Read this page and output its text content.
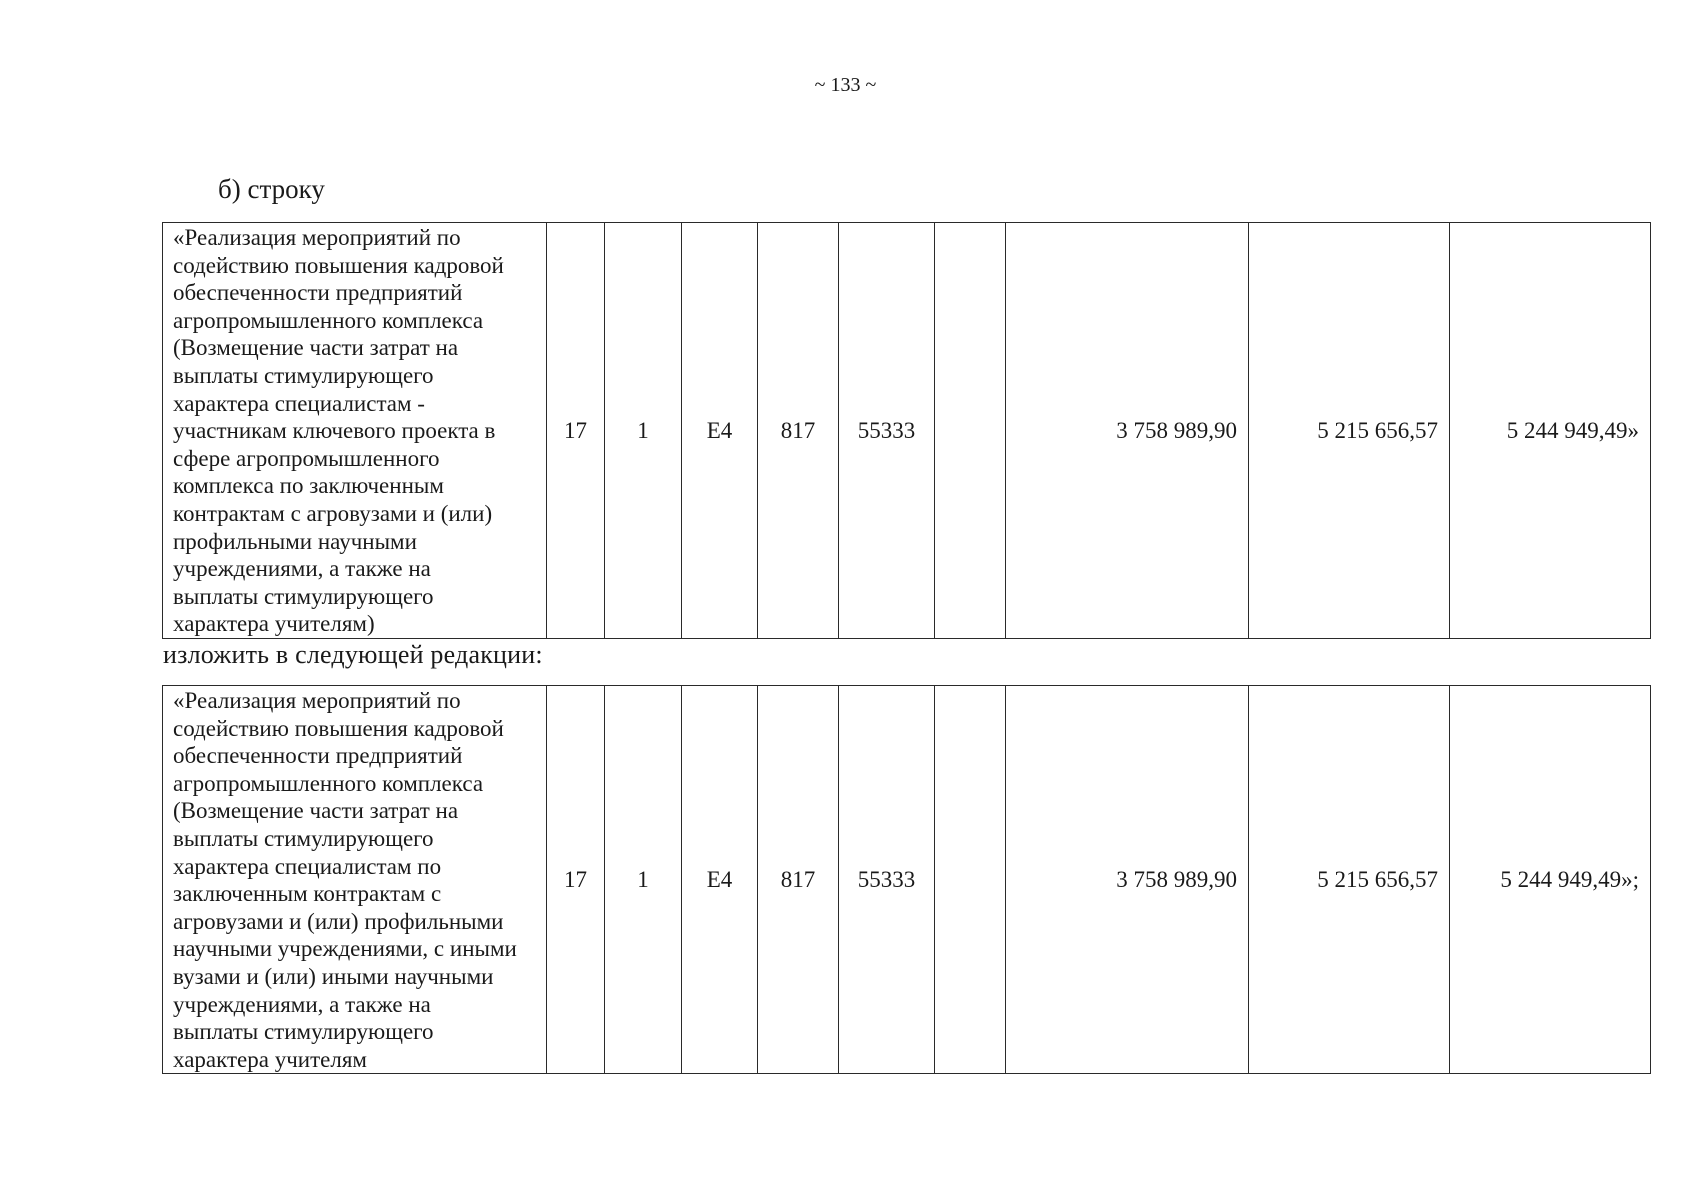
~ 133 ~
б) строку
«Реализация мероприятий по
содействию повышения кадровой
обеспеченности предприятий
агропромышленного комплекса
(Возмещение части затрат на
выплаты стимулирующего
характера специалистам -
участникам ключевого проекта в
сфере агропромышленного
комплекса по заключенным
контрактам с агровузами и (или)
профильными научными
учреждениями, а также на
выплаты стимулирующего
характера учителям)
	17	1	Е4	817	55333		3 758 989,90	5 215 656,57	5 244 949,49»
изложить в следующей редакции:
«Реализация мероприятий по
содействию повышения кадровой
обеспеченности предприятий
агропромышленного комплекса
(Возмещение части затрат на
выплаты стимулирующего
характера специалистам по
заключенным контрактам с
агровузами и (или) профильными
научными учреждениями, с иными
вузами и (или) иными научными
учреждениями, а также на
выплаты стимулирующего
характера учителям
	17	1	Е4	817	55333		3 758 989,90	5 215 656,57	5 244 949,49»;
